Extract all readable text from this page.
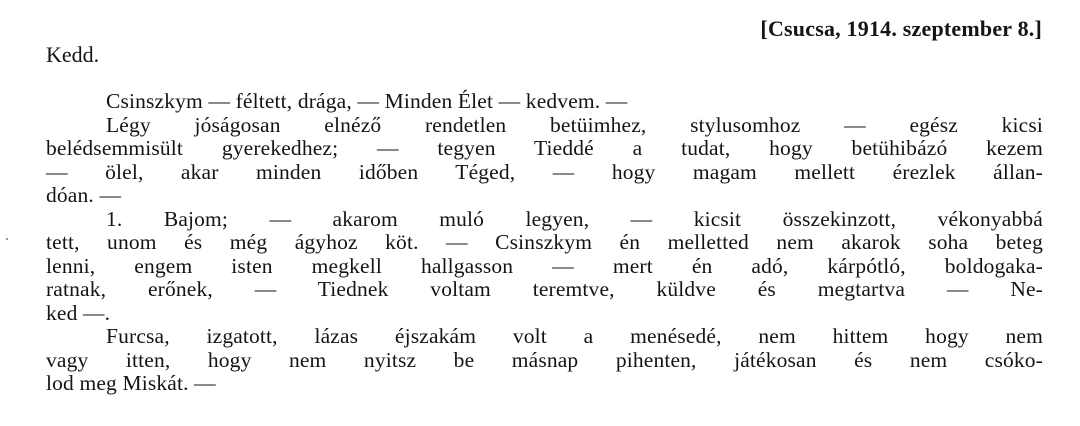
[Csucsa, 1914. szeptember 8.]
Kedd.
Csinszkym — féltett, drága, — Minden Élet — kedvem. —
Légy jóságosan elnéző rendetlen betüimhez, stylusomhoz — egész kicsi
belédsemmisült gyerekedhez; — tegyen Tieddé a tudat, hogy betühibázó kezem
— ölel, akar minden időben Téged, — hogy magam mellett érezlek állan-
dóan. —
1. Bajom; — akarom muló legyen, — kicsit összekinzott, vékonyabbá
tett, unom és még ágyhoz köt. — Csinszkym én melletted nem akarok soha beteg
lenni, engem isten megkell hallgasson — mert én adó, kárpótló, boldogaka-
ratnak, erőnek, — Tiednek voltam teremtve, küldve és megtartva — Ne-
ked —.
Furcsa, izgatott, lázas éjszakám volt a menésedé, nem hittem hogy nem
vagy itten, hogy nem nyitsz be másnap pihenten, játékosan és nem csóko-
lod meg Miskát. —
